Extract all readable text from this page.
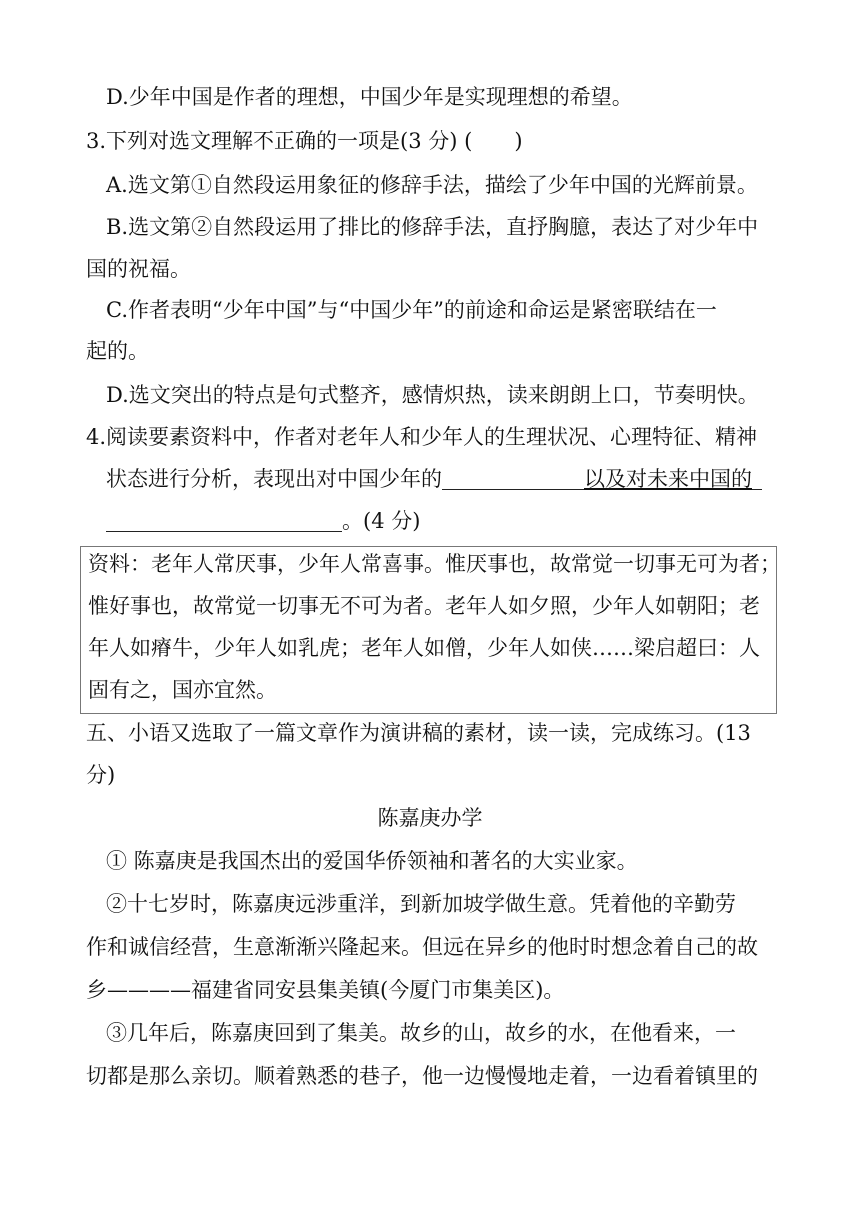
D.少年中国是作者的理想，中国少年是实现理想的希望。
3.下列对选文理解不正确的一项是(3 分) (　　)
A.选文第①自然段运用象征的修辞手法，描绘了少年中国的光辉前景。
B.选文第②自然段运用了排比的修辞手法，直抒胸臆，表达了对少年中
国的祝福。
C.作者表明“少年中国”与“中国少年”的前途和命运是紧密联结在一
起的。
D.选文突出的特点是句式整齐，感情炽热，读来朗朗上口，节奏明快。
4.阅读要素资料中，作者对老年人和少年人的生理状况、心理特征、精神
状态进行分析，表现出对中国少年的	以及对未来中国的
。(4 分)
资料：老年人常厌事，少年人常喜事。惟厌事也，故常觉一切事无可为者；
惟好事也，故常觉一切事无不可为者。老年人如夕照，少年人如朝阳；老
年人如瘠牛，少年人如乳虎；老年人如僧，少年人如侠……梁启超曰：人
固有之，国亦宜然。
五、小语又选取了一篇文章作为演讲稿的素材，读一读，完成练习。(13
分)
陈嘉庚办学
① 陈嘉庚是我国杰出的爱国华侨领袖和著名的大实业家。
②十七岁时，陈嘉庚远涉重洋，到新加坡学做生意。凭着他的辛勤劳
作和诚信经营，生意渐渐兴隆起来。但远在异乡的他时时想念着自己的故
乡————福建省同安县集美镇(今厦门市集美区)。
③几年后，陈嘉庚回到了集美。故乡的山，故乡的水，在他看来，一
切都是那么亲切。顺着熟悉的巷子，他一边慢慢地走着，一边看着镇里的
